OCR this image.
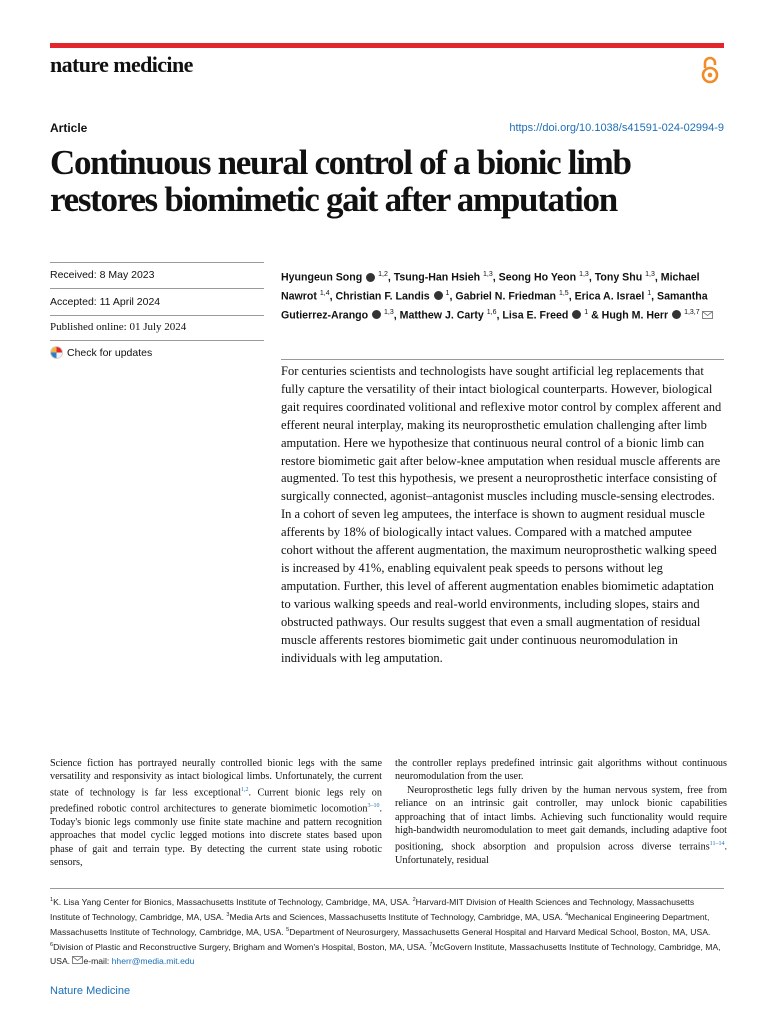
nature medicine
Article	https://doi.org/10.1038/s41591-024-02994-9
Continuous neural control of a bionic limb restores biomimetic gait after amputation
Received: 8 May 2023
Accepted: 11 April 2024
Published online: 01 July 2024
Check for updates
Hyungeun Song  $^{1,2}$, Tsung-Han Hsieh $^{1,3}$, Seong Ho Yeon $^{1,3}$, Tony Shu $^{1,3}$, Michael Nawrot $^{1,4}$, Christian F. Landis  $^1$, Gabriel N. Friedman $^{1,5}$, Erica A. Israel $^1$, Samantha Gutierrez-Arango  $^{1,3}$, Matthew J. Carty $^{1,6}$, Lisa E. Freed  $^1$ & Hugh M. Herr  $^{1,3,7}$

For centuries scientists and technologists have sought artificial leg replacements that fully capture the versatility of their intact biological counterparts. However, biological gait requires coordinated volitional and reflexive motor control by complex afferent and efferent neural interplay, making its neuroprosthetic emulation challenging after limb amputation. Here we hypothesize that continuous neural control of a bionic limb can restore biomimetic gait after below-knee amputation when residual muscle afferents are augmented. To test this hypothesis, we present a neuroprosthetic interface consisting of surgically connected, agonist–antagonist muscles including muscle-sensing electrodes. In a cohort of seven leg amputees, the interface is shown to augment residual muscle afferents by 18% of biologically intact values. Compared with a matched amputee cohort without the afferent augmentation, the maximum neuroprosthetic walking speed is increased by 41%, enabling equivalent peak speeds to persons without leg amputation. Further, this level of afferent augmentation enables biomimetic adaptation to various walking speeds and real-world environments, including slopes, stairs and obstructed pathways. Our results suggest that even a small augmentation of residual muscle afferents restores biomimetic gait under continuous neuromodulation in individuals with leg amputation.

Science fiction has portrayed neurally controlled bionic legs with the same versatility and responsivity as intact biological limbs. Unfortunately, the current state of technology is far less exceptional$^{1,2}$. Current bionic legs rely on predefined robotic control architectures to generate biomimetic locomotion$^{3-10}$. Today's bionic legs commonly use finite state machine and pattern recognition approaches that model cyclic legged motions into discrete states based upon phase of gait and terrain type. By detecting the current state using robotic sensors,

the controller replays predefined intrinsic gait algorithms without continuous neuromodulation from the user.

Neuroprosthetic legs fully driven by the human nervous system, free from reliance on an intrinsic gait controller, may unlock bionic capabilities approaching that of intact limbs. Achieving such functionality would require high-bandwidth neuromodulation to meet gait demands, including adaptive foot positioning, shock absorption and propulsion across diverse terrains$^{11-14}$. Unfortunately, residual

$^1$K. Lisa Yang Center for Bionics, Massachusetts Institute of Technology, Cambridge, MA, USA. $^2$Harvard-MIT Division of Health Sciences and Technology, Massachusetts Institute of Technology, Cambridge, MA, USA. $^3$Media Arts and Sciences, Massachusetts Institute of Technology, Cambridge, MA, USA. $^4$Mechanical Engineering Department, Massachusetts Institute of Technology, Cambridge, MA, USA. $^5$Department of Neurosurgery, Massachusetts General Hospital and Harvard Medical School, Boston, MA, USA. $^6$Division of Plastic and Reconstructive Surgery, Brigham and Women's Hospital, Boston, MA, USA. $^7$McGovern Institute, Massachusetts Institute of Technology, Cambridge, MA, USA. e-mail: hherr@media.mit.edu
Nature Medicine
